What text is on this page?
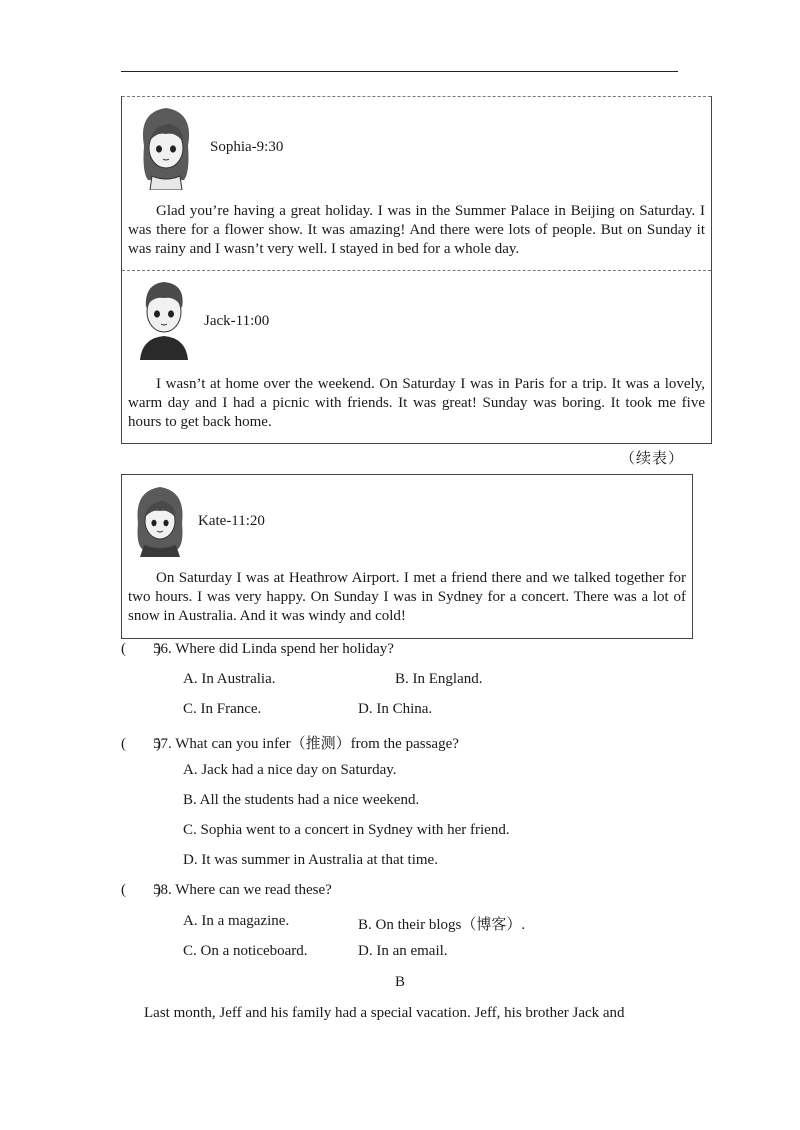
Sophia-9:30

Glad you’re having a great holiday. I was in the Summer Palace in Beijing on Saturday. I was there for a flower show. It was amazing! And there were lots of people. But on Sunday it was rainy and I wasn’t very well. I stayed in bed for a whole day.

Jack-11:00

I wasn’t at home over the weekend. On Saturday I was in Paris for a trip. It was a lovely, warm day and I had a picnic with friends. It was great! Sunday was boring. It took me five hours to get back home.

（续表）
Kate-11:20

On Saturday I was at Heathrow Airport. I met a friend there and we talked together for two hours. I was very happy. On Sunday I was in Sydney for a concert. There was a lot of snow in Australia. And it was windy and cold!

(  )56. Where did Linda spend her holiday?
A. In Australia.	B. In England.
C. In France.	D. In China.
(  )57. What can you infer（推测）from the passage?
A. Jack had a nice day on Saturday.
B. All the students had a nice weekend.
C. Sophia went to a concert in Sydney with her friend.
D. It was summer in Australia at that time.
(  )58. Where can we read these?
A. In a magazine.	B. On their blogs（博客）.
C. On a noticeboard.	D. In an email.
B

Last month, Jeff and his family had a special vacation. Jeff, his brother Jack and
